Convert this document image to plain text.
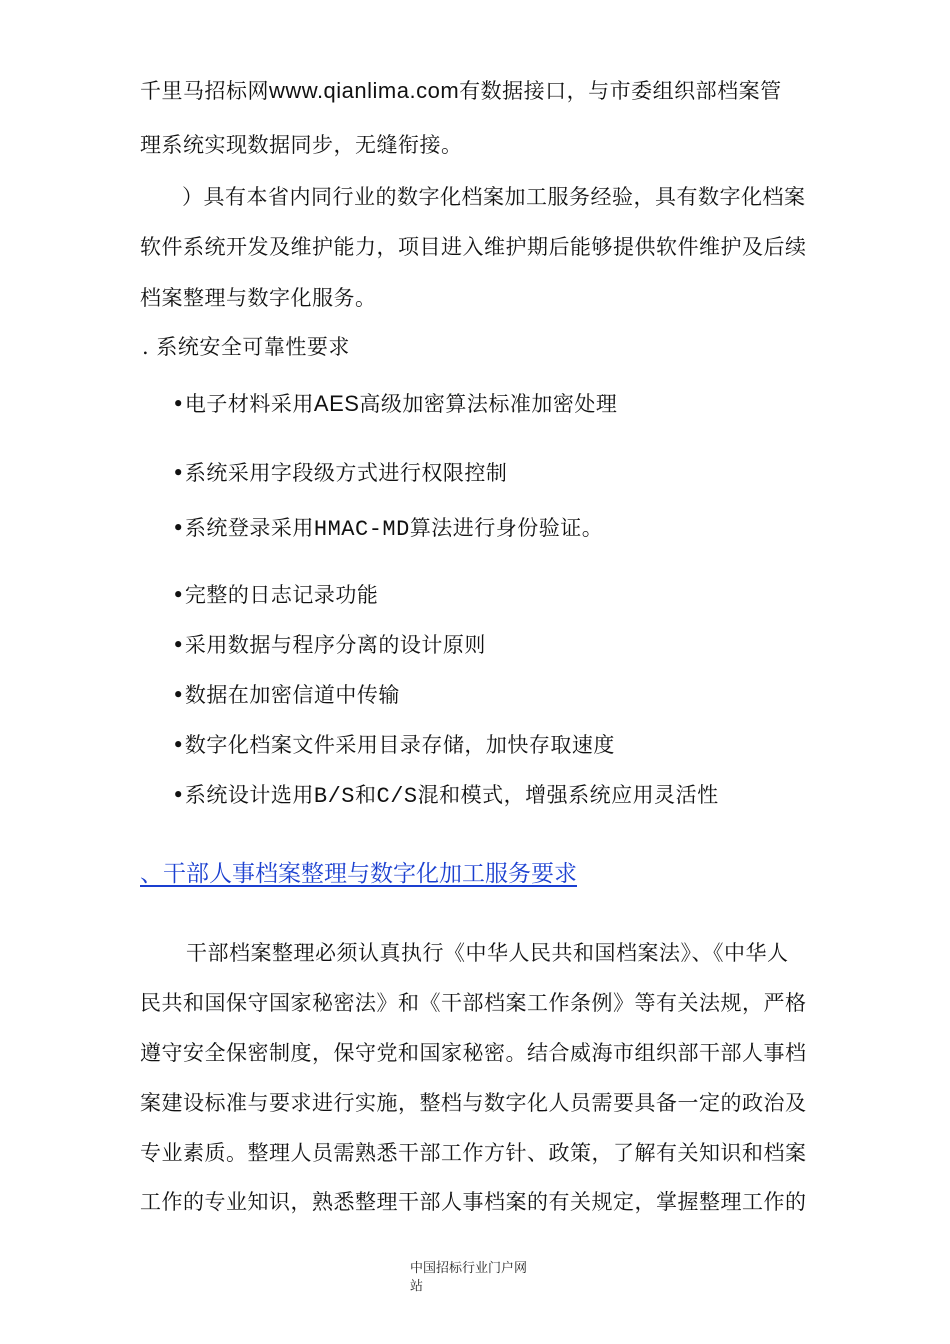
千里马招标网www.qianlima.com有数据接口，与市委组织部档案管
理系统实现数据同步，无缝衔接。
）具有本省内同行业的数字化档案加工服务经验，具有数字化档案
软件系统开发及维护能力，项目进入维护期后能够提供软件维护及后续
档案整理与数字化服务。
. 系统安全可靠性要求
•电子材料采用AES高级加密算法标准加密处理
•系统采用字段级方式进行权限控制
•系统登录采用HMAC-MD算法进行身份验证。
•完整的日志记录功能
•采用数据与程序分离的设计原则
•数据在加密信道中传输
•数字化档案文件采用目录存储，加快存取速度
•系统设计选用B/S和C/S混和模式，增强系统应用灵活性
、干部人事档案整理与数字化加工服务要求
干部档案整理必须认真执行《中华人民共和国档案法》、《中华人
民共和国保守国家秘密法》和《干部档案工作条例》等有关法规，严格
遵守安全保密制度，保守党和国家秘密。结合威海市组织部干部人事档
案建设标准与要求进行实施，整档与数字化人员需要具备一定的政治及
专业素质。整理人员需熟悉干部工作方针、政策，了解有关知识和档案
工作的专业知识，熟悉整理干部人事档案的有关规定，掌握整理工作的
中国招标行业门户网
站
